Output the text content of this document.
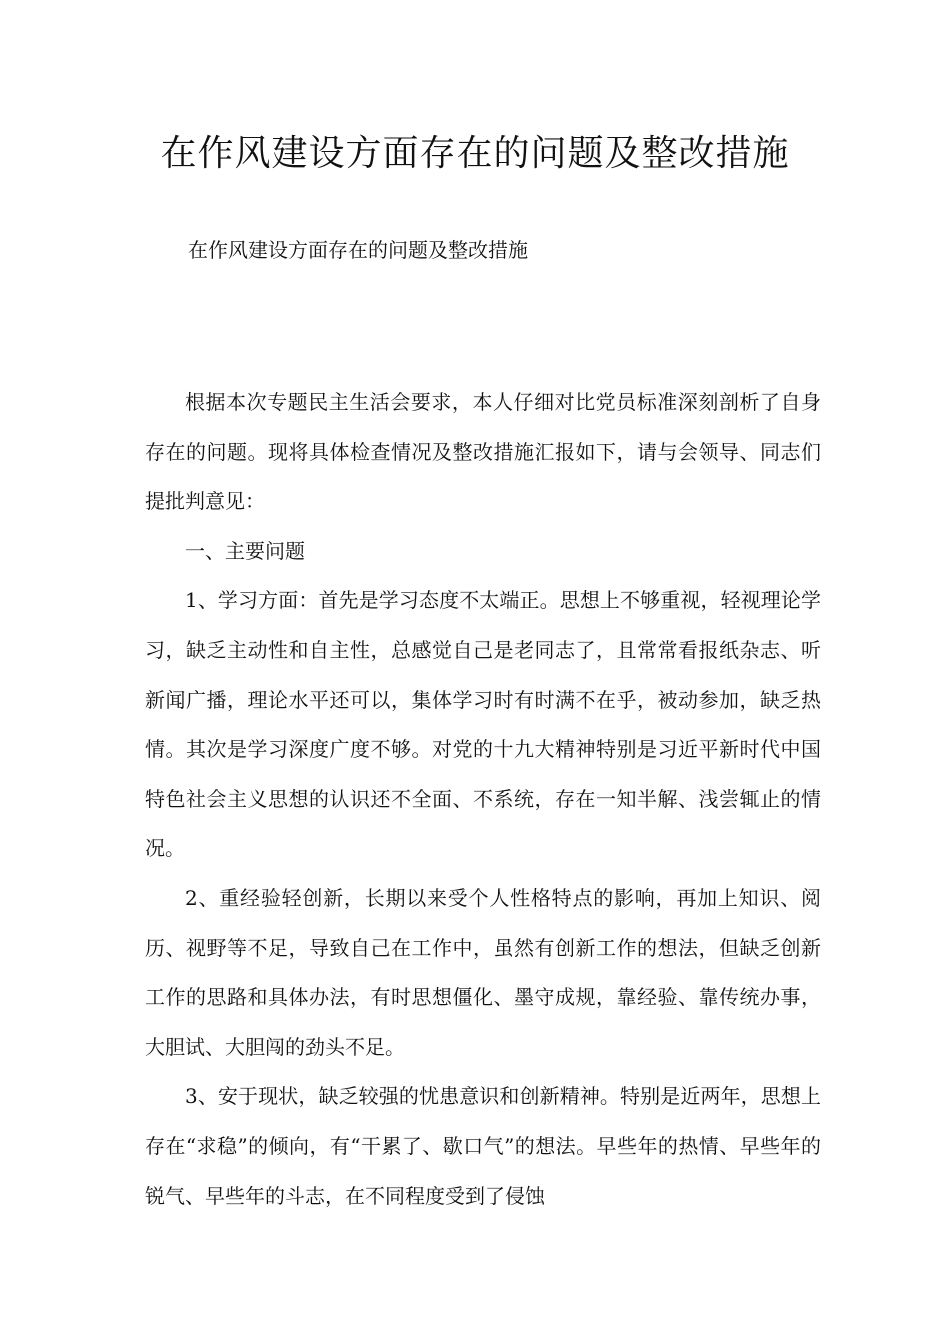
在作风建设方面存在的问题及整改措施
在作风建设方面存在的问题及整改措施

根据本次专题民主生活会要求，本人仔细对比党员标准深刻剖析了自身存在的问题。现将具体检查情况及整改措施汇报如下，请与会领导、同志们提批判意见：

一、主要问题

1、学习方面：首先是学习态度不太端正。思想上不够重视，轻视理论学习，缺乏主动性和自主性，总感觉自己是老同志了，且常常看报纸杂志、听新闻广播，理论水平还可以，集体学习时有时满不在乎，被动参加，缺乏热情。其次是学习深度广度不够。对党的十九大精神特别是习近平新时代中国特色社会主义思想的认识还不全面、不系统，存在一知半解、浅尝辄止的情况。

2、重经验轻创新，长期以来受个人性格特点的影响，再加上知识、阅历、视野等不足，导致自己在工作中，虽然有创新工作的想法，但缺乏创新工作的思路和具体办法，有时思想僵化、墨守成规，靠经验、靠传统办事，大胆试、大胆闯的劲头不足。

3、安于现状，缺乏较强的忧患意识和创新精神。特别是近两年，思想上存在“求稳”的倾向，有“干累了、歇口气”的想法。早些年的热情、早些年的锐气、早些年的斗志，在不同程度受到了侵蚀
